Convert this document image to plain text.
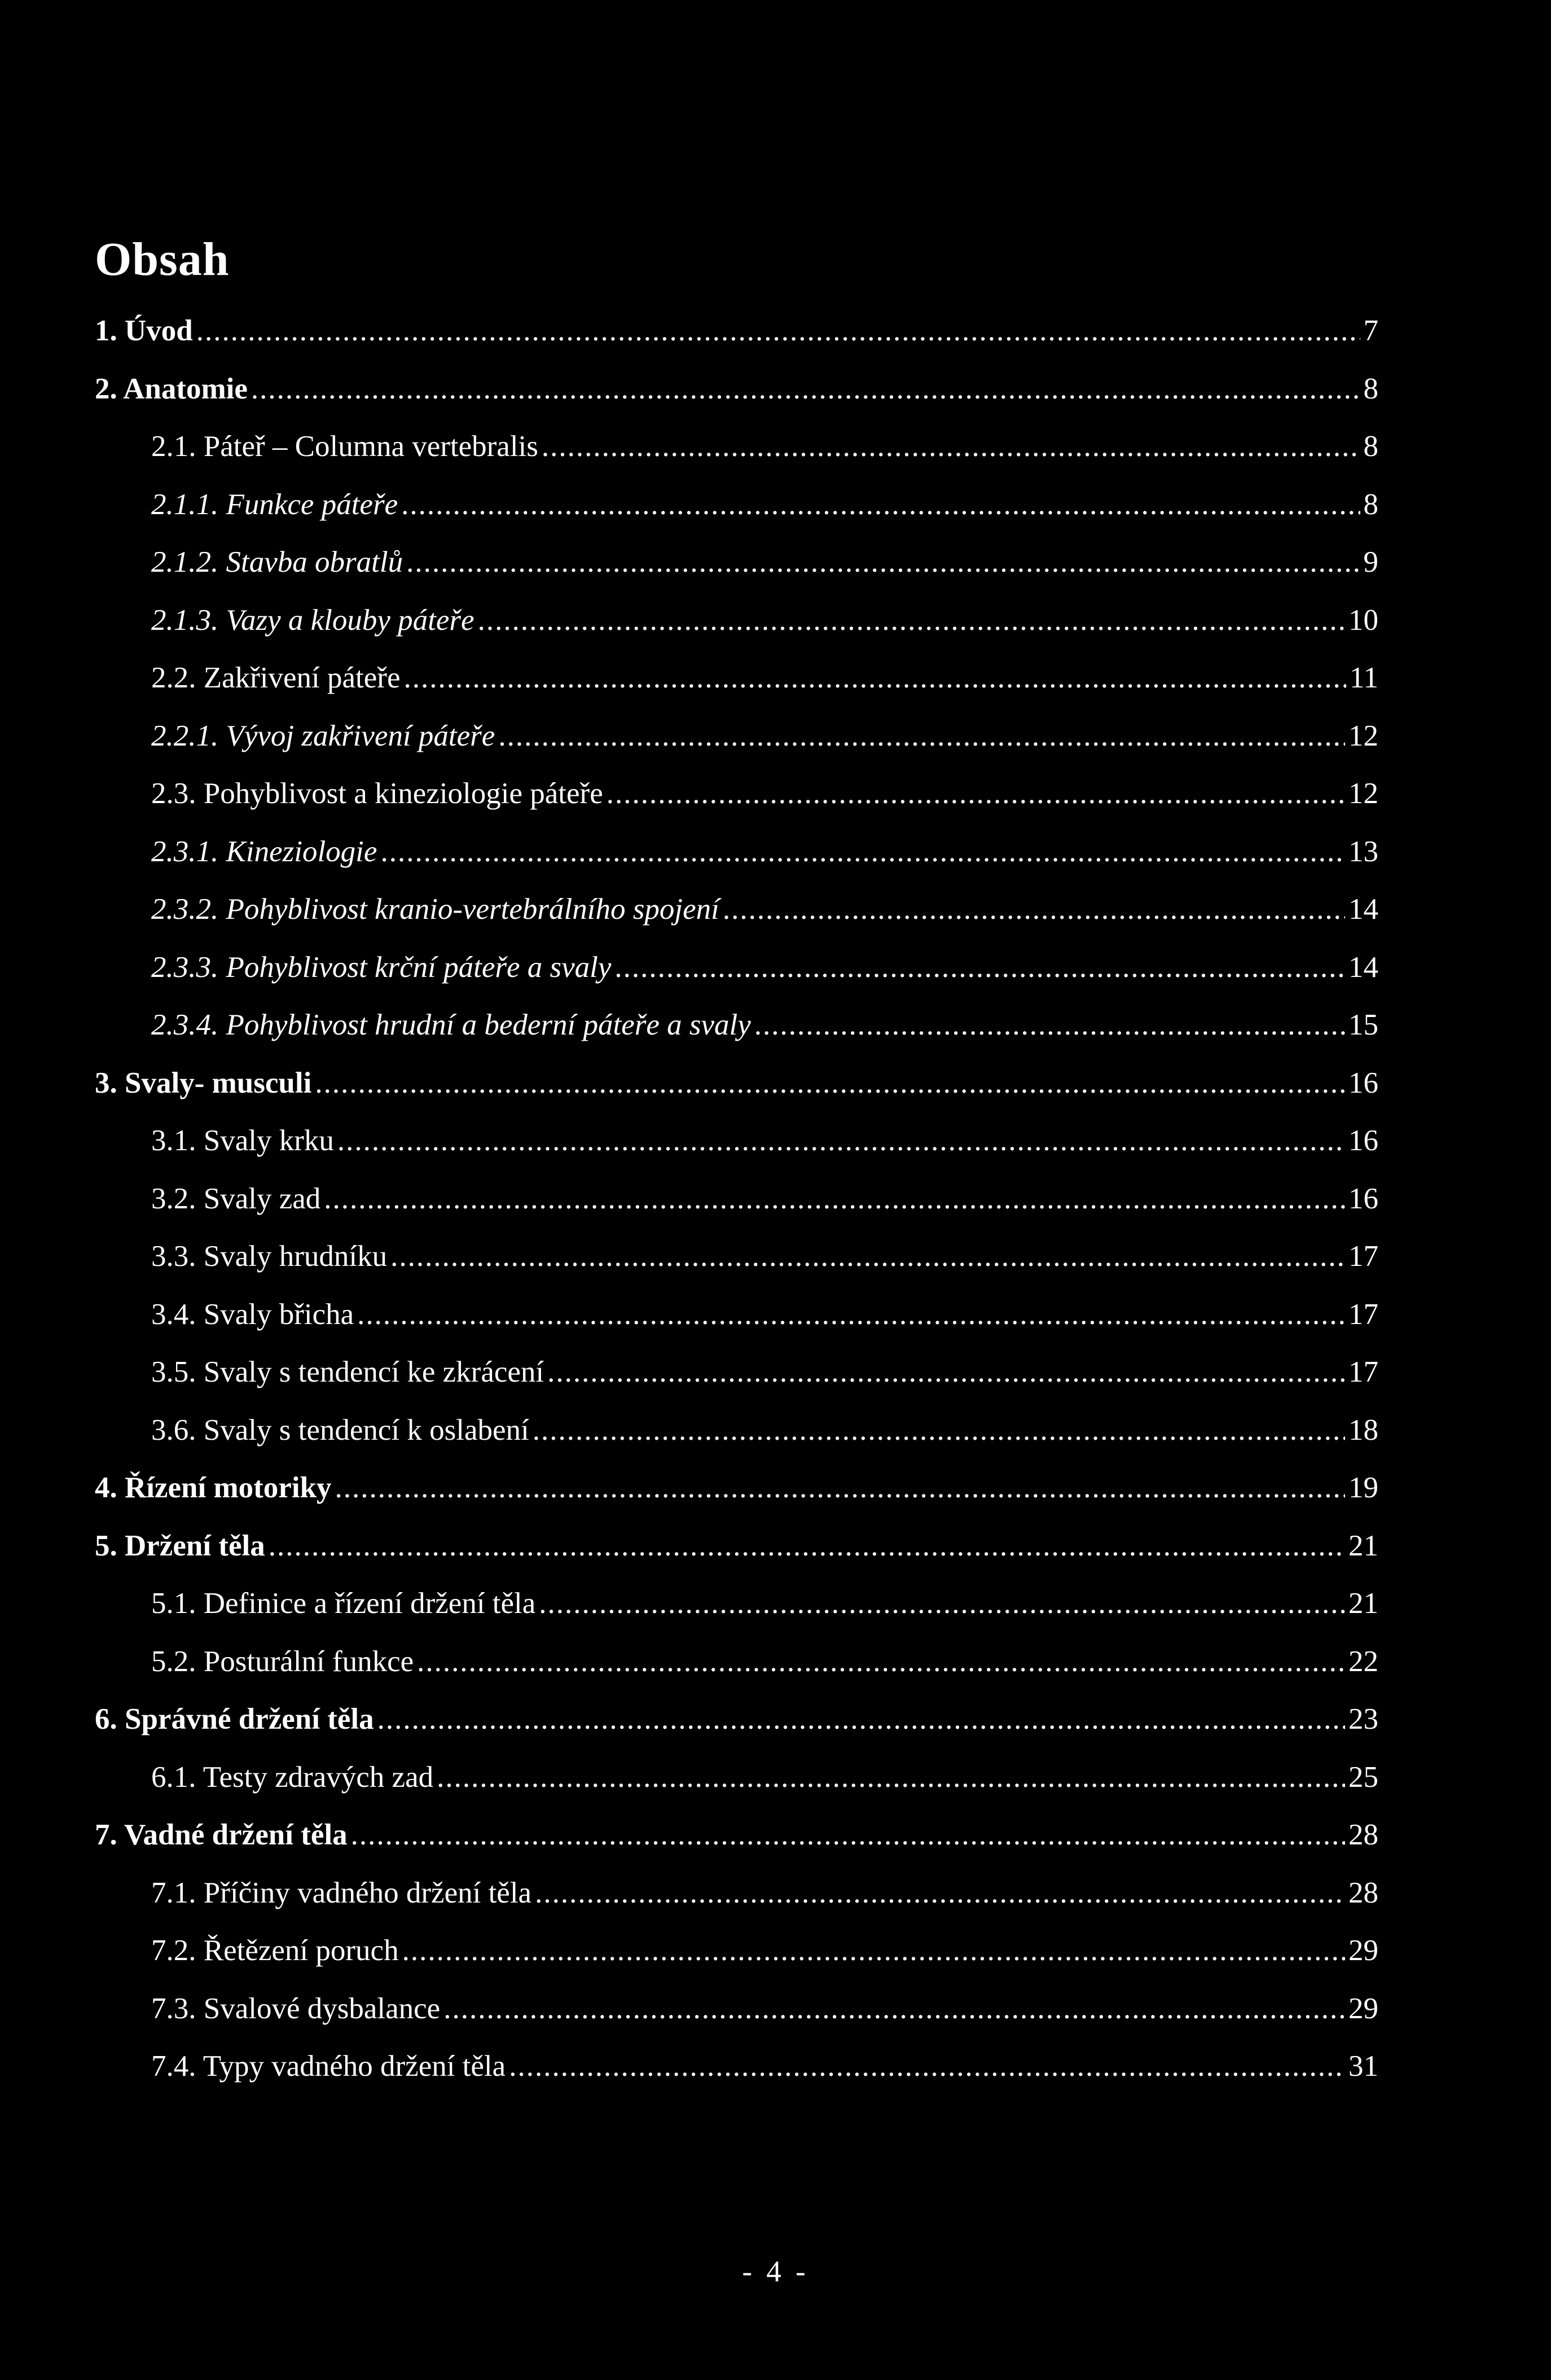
Obsah
1. Úvod .....	7
2. Anatomie .....	8
2.1. Páteř – Columna vertebralis .....	8
2.1.1. Funkce páteře .....	8
2.1.2. Stavba obratlů .....	9
2.1.3. Vazy a klouby páteře .....	10
2.2. Zakřivení páteře .....	11
2.2.1. Vývoj zakřivení páteře .....	12
2.3. Pohyblivost a kineziologie páteře .....	12
2.3.1. Kineziologie .....	13
2.3.2. Pohyblivost kranio-vertebrálního spojení .....	14
2.3.3. Pohyblivost krční páteře a svaly .....	14
2.3.4. Pohyblivost hrudní a bederní páteře a svaly .....	15
3. Svaly- musculi .....	16
3.1. Svaly krku .....	16
3.2. Svaly zad .....	16
3.3. Svaly hrudníku .....	17
3.4. Svaly břicha .....	17
3.5. Svaly s tendencí ke zkrácení .....	17
3.6. Svaly s tendencí k oslabení .....	18
4. Řízení motoriky .....	19
5. Držení těla .....	21
5.1. Definice a řízení držení těla .....	21
5.2. Posturální funkce .....	22
6. Správné držení těla .....	23
6.1. Testy zdravých zad .....	25
7. Vadné držení těla .....	28
7.1. Příčiny vadného držení těla .....	28
7.2. Řetězení poruch .....	29
7.3. Svalové dysbalance .....	29
7.4. Typy vadného držení těla .....	31
- 4 -
